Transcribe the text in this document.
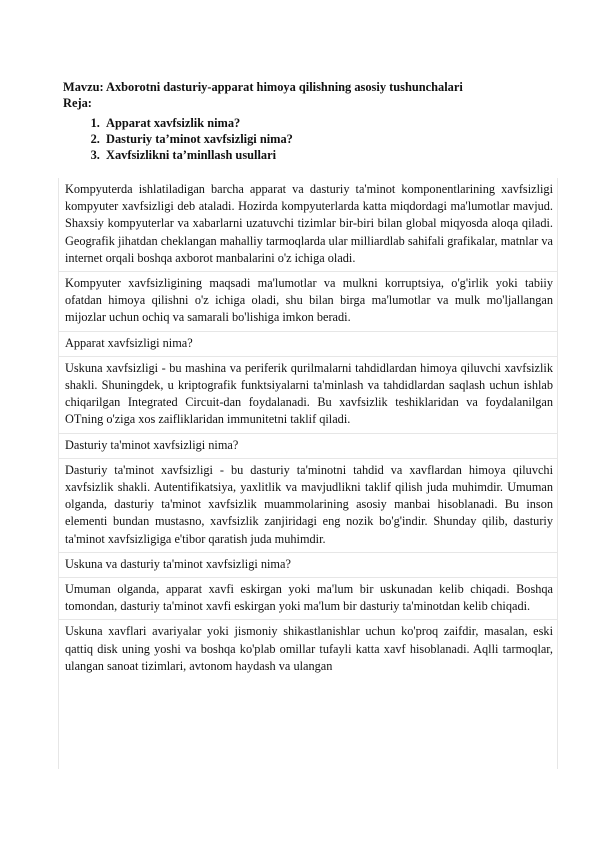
Mavzu: Axborotni dasturiy-apparat himoya qilishning asosiy tushunchalari

Reja:

1. Apparat xavfsizlik nima?
2. Dasturiy ta’minot xavfsizligi nima?
3. Xavfsizlikni ta’minllash usullari

Kompyuterda ishlatiladigan barcha apparat va dasturiy ta'minot komponentlarining xavfsizligi kompyuter xavfsizligi deb ataladi. Hozirda kompyuterlarda katta miqdordagi ma'lumotlar mavjud. Shaxsiy kompyuterlar va xabarlarni uzatuvchi tizimlar bir-biri bilan global miqyosda aloqa qiladi. Geografik jihatdan cheklangan mahalliy tarmoqlarda ular milliardlab sahifali grafikalar, matnlar va internet orqali boshqa axborot manbalarini o'z ichiga oladi.

Kompyuter xavfsizligining maqsadi ma'lumotlar va mulkni korruptsiya, o'g'irlik yoki tabiiy ofatdan himoya qilishni o'z ichiga oladi, shu bilan birga ma'lumotlar va mulk mo'ljallangan mijozlar uchun ochiq va samarali bo'lishiga imkon beradi.

Apparat xavfsizligi nima?

Uskuna xavfsizligi - bu mashina va periferik qurilmalarni tahdidlardan himoya qiluvchi xavfsizlik shakli. Shuningdek, u kriptografik funktsiyalarni ta'minlash va tahdidlardan saqlash uchun ishlab chiqarilgan Integrated Circuit-dan foydalanadi. Bu xavfsizlik teshiklaridan va foydalanilgan OTning o'ziga xos zaifliklaridan immunitetni taklif qiladi.

Dasturiy ta'minot xavfsizligi nima?

Dasturiy ta'minot xavfsizligi - bu dasturiy ta'minotni tahdid va xavflardan himoya qiluvchi xavfsizlik shakli. Autentifikatsiya, yaxlitlik va mavjudlikni taklif qilish juda muhimdir. Umuman olganda, dasturiy ta'minot xavfsizlik muammolarining asosiy manbai hisoblanadi. Bu inson elementi bundan mustasno, xavfsizlik zanjiridagi eng nozik bo'g'indir. Shunday qilib, dasturiy ta'minot xavfsizligiga e'tibor qaratish juda muhimdir.

Uskuna va dasturiy ta'minot xavfsizligi nima?

Umuman olganda, apparat xavfi eskirgan yoki ma'lum bir uskunadan kelib chiqadi. Boshqa tomondan, dasturiy ta'minot xavfi eskirgan yoki ma'lum bir dasturiy ta'minotdan kelib chiqadi.

Uskuna xavflari avariyalar yoki jismoniy shikastlanishlar uchun ko'proq zaifdir, masalan, eski qattiq disk uning yoshi va boshqa ko'plab omillar tufayli katta xavf hisoblanadi. Aqlli tarmoqlar, ulangan sanoat tizimlari, avtonom haydash va ulangan
